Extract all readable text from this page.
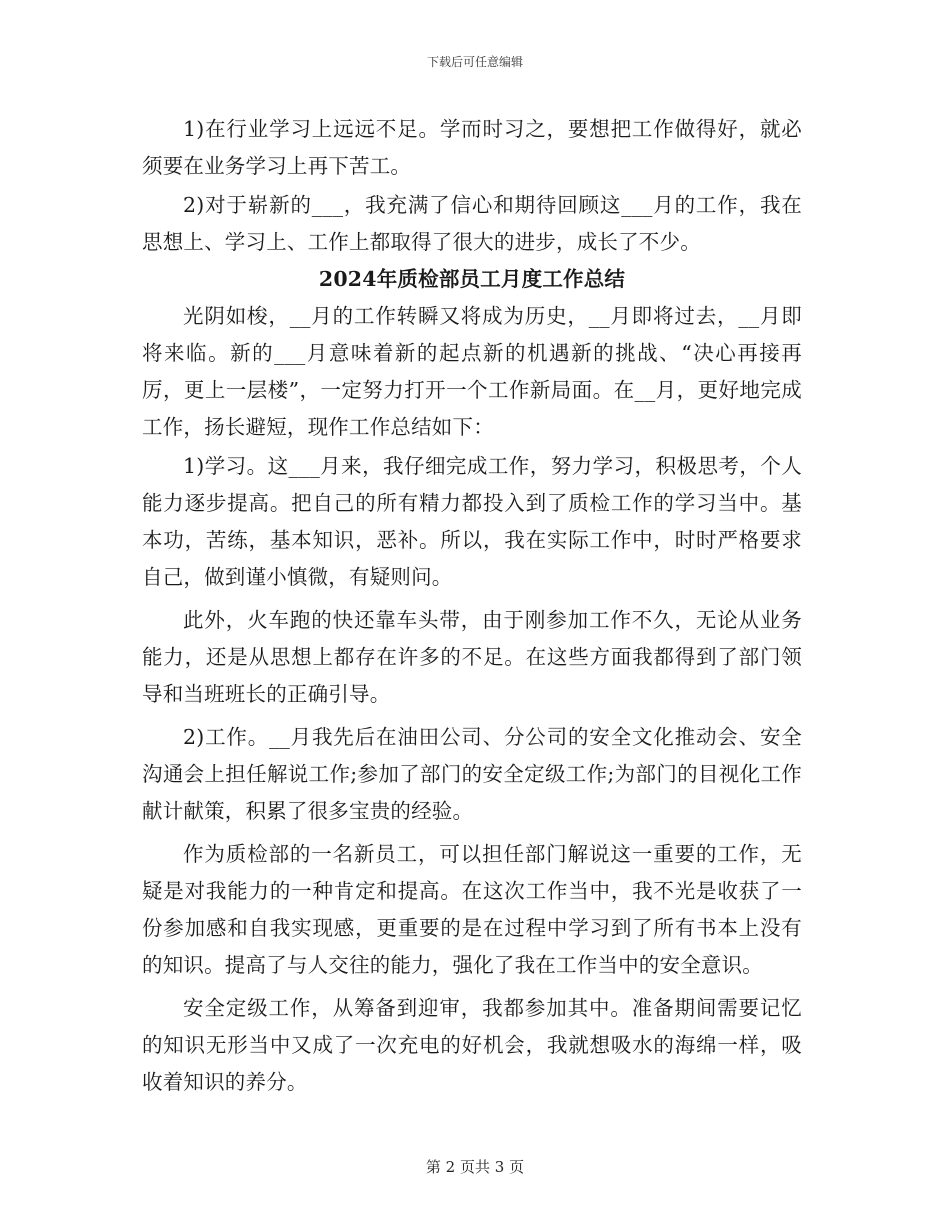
下载后可任意编辑

1)在行业学习上远远不足。学而时习之，要想把工作做得好，就必须要在业务学习上再下苦工。

2)对于崭新的___，我充满了信心和期待回顾这___月的工作，我在思想上、学习上、工作上都取得了很大的进步，成长了不少。

2024年质检部员工月度工作总结

光阴如梭，__月的工作转瞬又将成为历史，__月即将过去，__月即将来临。新的___月意味着新的起点新的机遇新的挑战、“决心再接再厉，更上一层楼”，一定努力打开一个工作新局面。在__月，更好地完成工作，扬长避短，现作工作总结如下：

1)学习。这___月来，我仔细完成工作，努力学习，积极思考，个人能力逐步提高。把自己的所有精力都投入到了质检工作的学习当中。基本功，苦练，基本知识，恶补。所以，我在实际工作中，时时严格要求自己，做到谨小慎微，有疑则问。

此外，火车跑的快还靠车头带，由于刚参加工作不久，无论从业务能力，还是从思想上都存在许多的不足。在这些方面我都得到了部门领导和当班班长的正确引导。

2)工作。__月我先后在油田公司、分公司的安全文化推动会、安全沟通会上担任解说工作;参加了部门的安全定级工作;为部门的目视化工作献计献策，积累了很多宝贵的经验。

作为质检部的一名新员工，可以担任部门解说这一重要的工作，无疑是对我能力的一种肯定和提高。在这次工作当中，我不光是收获了一份参加感和自我实现感，更重要的是在过程中学习到了所有书本上没有的知识。提高了与人交往的能力，强化了我在工作当中的安全意识。

安全定级工作，从筹备到迎审，我都参加其中。准备期间需要记忆的知识无形当中又成了一次充电的好机会，我就想吸水的海绵一样，吸收着知识的养分。

第 2 页共 3 页
